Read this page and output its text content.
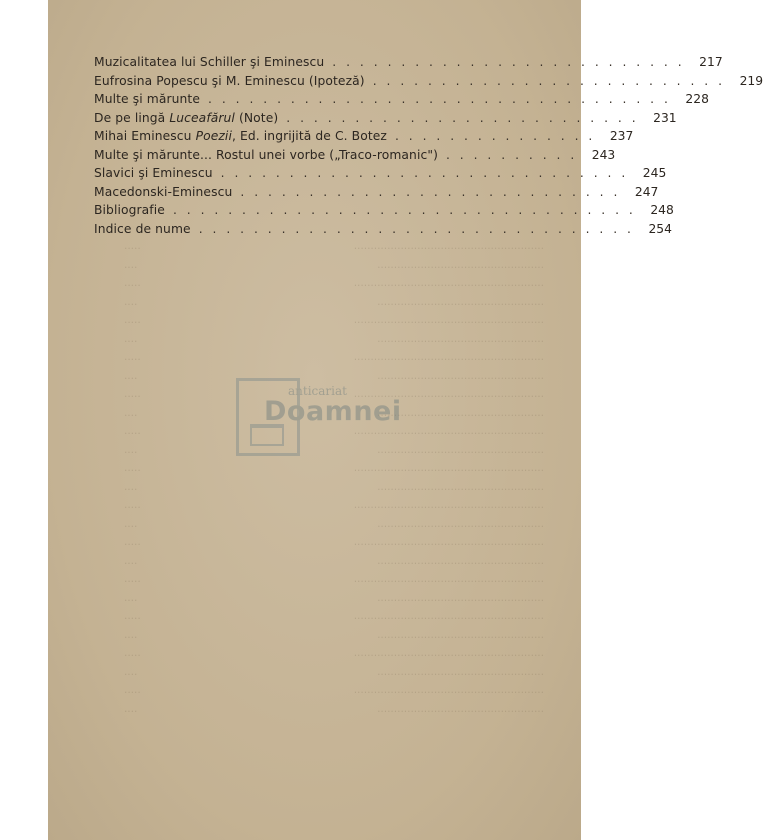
Muzicalitatea lui Schiller şi Eminescu . . . . . . . . . . . . . . . . . . . . . . . . . .	217
Eufrosina Popescu şi M. Eminescu (Ipoteză) . . . . . . . . . . . . . . . . . . . . . . . . . .	219
Multe şi mărunte . . . . . . . . . . . . . . . . . . . . . . . . . . . . . . . . . .	228
De pe lingă Luceafărul (Note) . . . . . . . . . . . . . . . . . . . . . . . . . .	231
Mihai Eminescu Poezii, Ed. ingrijită de C. Botez . . . . . . . . . . . . . . .	237
Multe şi mărunte... Rostul unei vorbe („Traco-romanic") . . . . . . . . . .	243
Slavici şi Eminescu . . . . . . . . . . . . . . . . . . . . . . . . . . . . . .	245
Macedonski-Eminescu . . . . . . . . . . . . . . . . . . . . . . . . . . . .	247
Bibliografie . . . . . . . . . . . . . . . . . . . . . . . . . . . . . . . . . .	248
Indice de nume . . . . . . . . . . . . . . . . . . . . . . . . . . . . . . . .	254
anticariat
Doamnei
